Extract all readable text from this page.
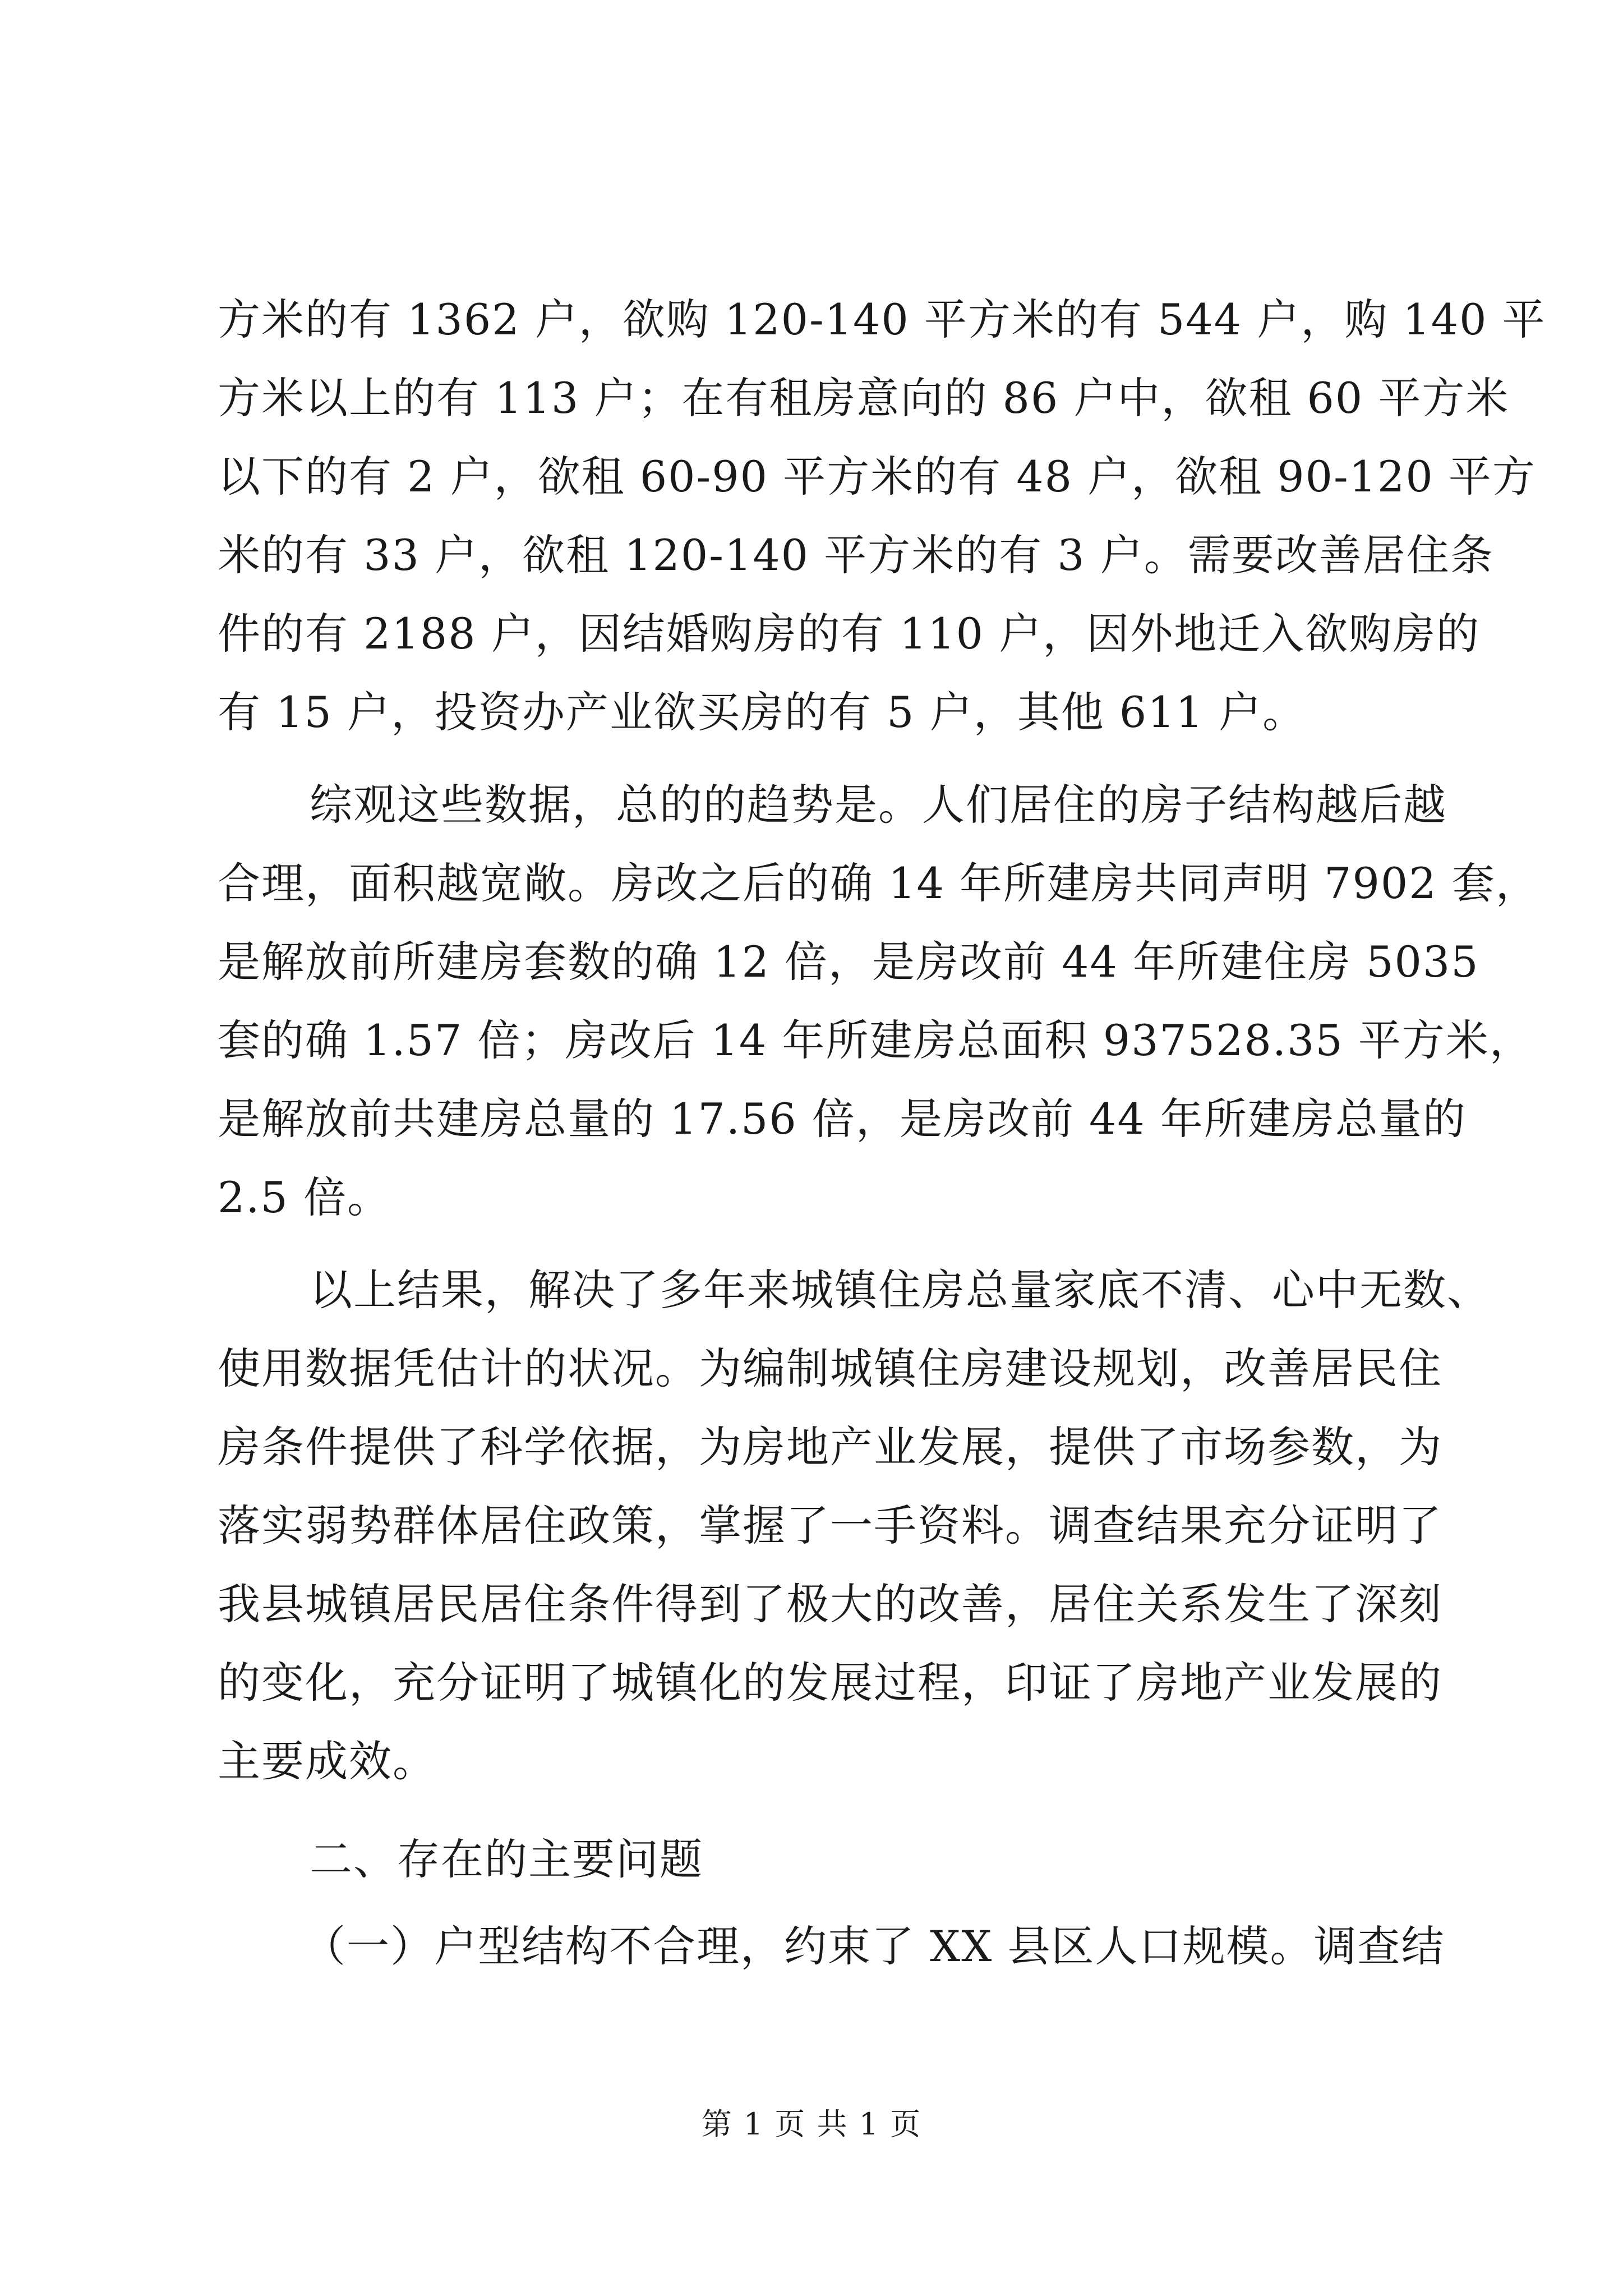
方米的有 1362 户，欲购 120-140 平方米的有 544 户，购 140 平
方米以上的有 113 户；在有租房意向的 86 户中，欲租 60 平方米
以下的有 2 户，欲租 60-90 平方米的有 48 户，欲租 90-120 平方
米的有 33 户，欲租 120-140 平方米的有 3 户。需要改善居住条
件的有 2188 户，因结婚购房的有 110 户，因外地迁入欲购房的
有 15 户，投资办产业欲买房的有 5 户，其他 611 户。
综观这些数据，总的的趋势是。人们居住的房子结构越后越
合理，面积越宽敞。房改之后的确 14 年所建房共同声明 7902 套，
是解放前所建房套数的确 12 倍，是房改前 44 年所建住房 5035
套的确 1.57 倍；房改后 14 年所建房总面积 937528.35 平方米，
是解放前共建房总量的 17.56 倍，是房改前 44 年所建房总量的
2.5 倍。
以上结果，解决了多年来城镇住房总量家底不清、心中无数、
使用数据凭估计的状况。为编制城镇住房建设规划，改善居民住
房条件提供了科学依据，为房地产业发展，提供了市场参数，为
落实弱势群体居住政策，掌握了一手资料。调查结果充分证明了
我县城镇居民居住条件得到了极大的改善，居住关系发生了深刻
的变化，充分证明了城镇化的发展过程，印证了房地产业发展的
主要成效。
二、存在的主要问题
（一）户型结构不合理，约束了 XX 县区人口规模。调查结
第 1 页 共 1 页
